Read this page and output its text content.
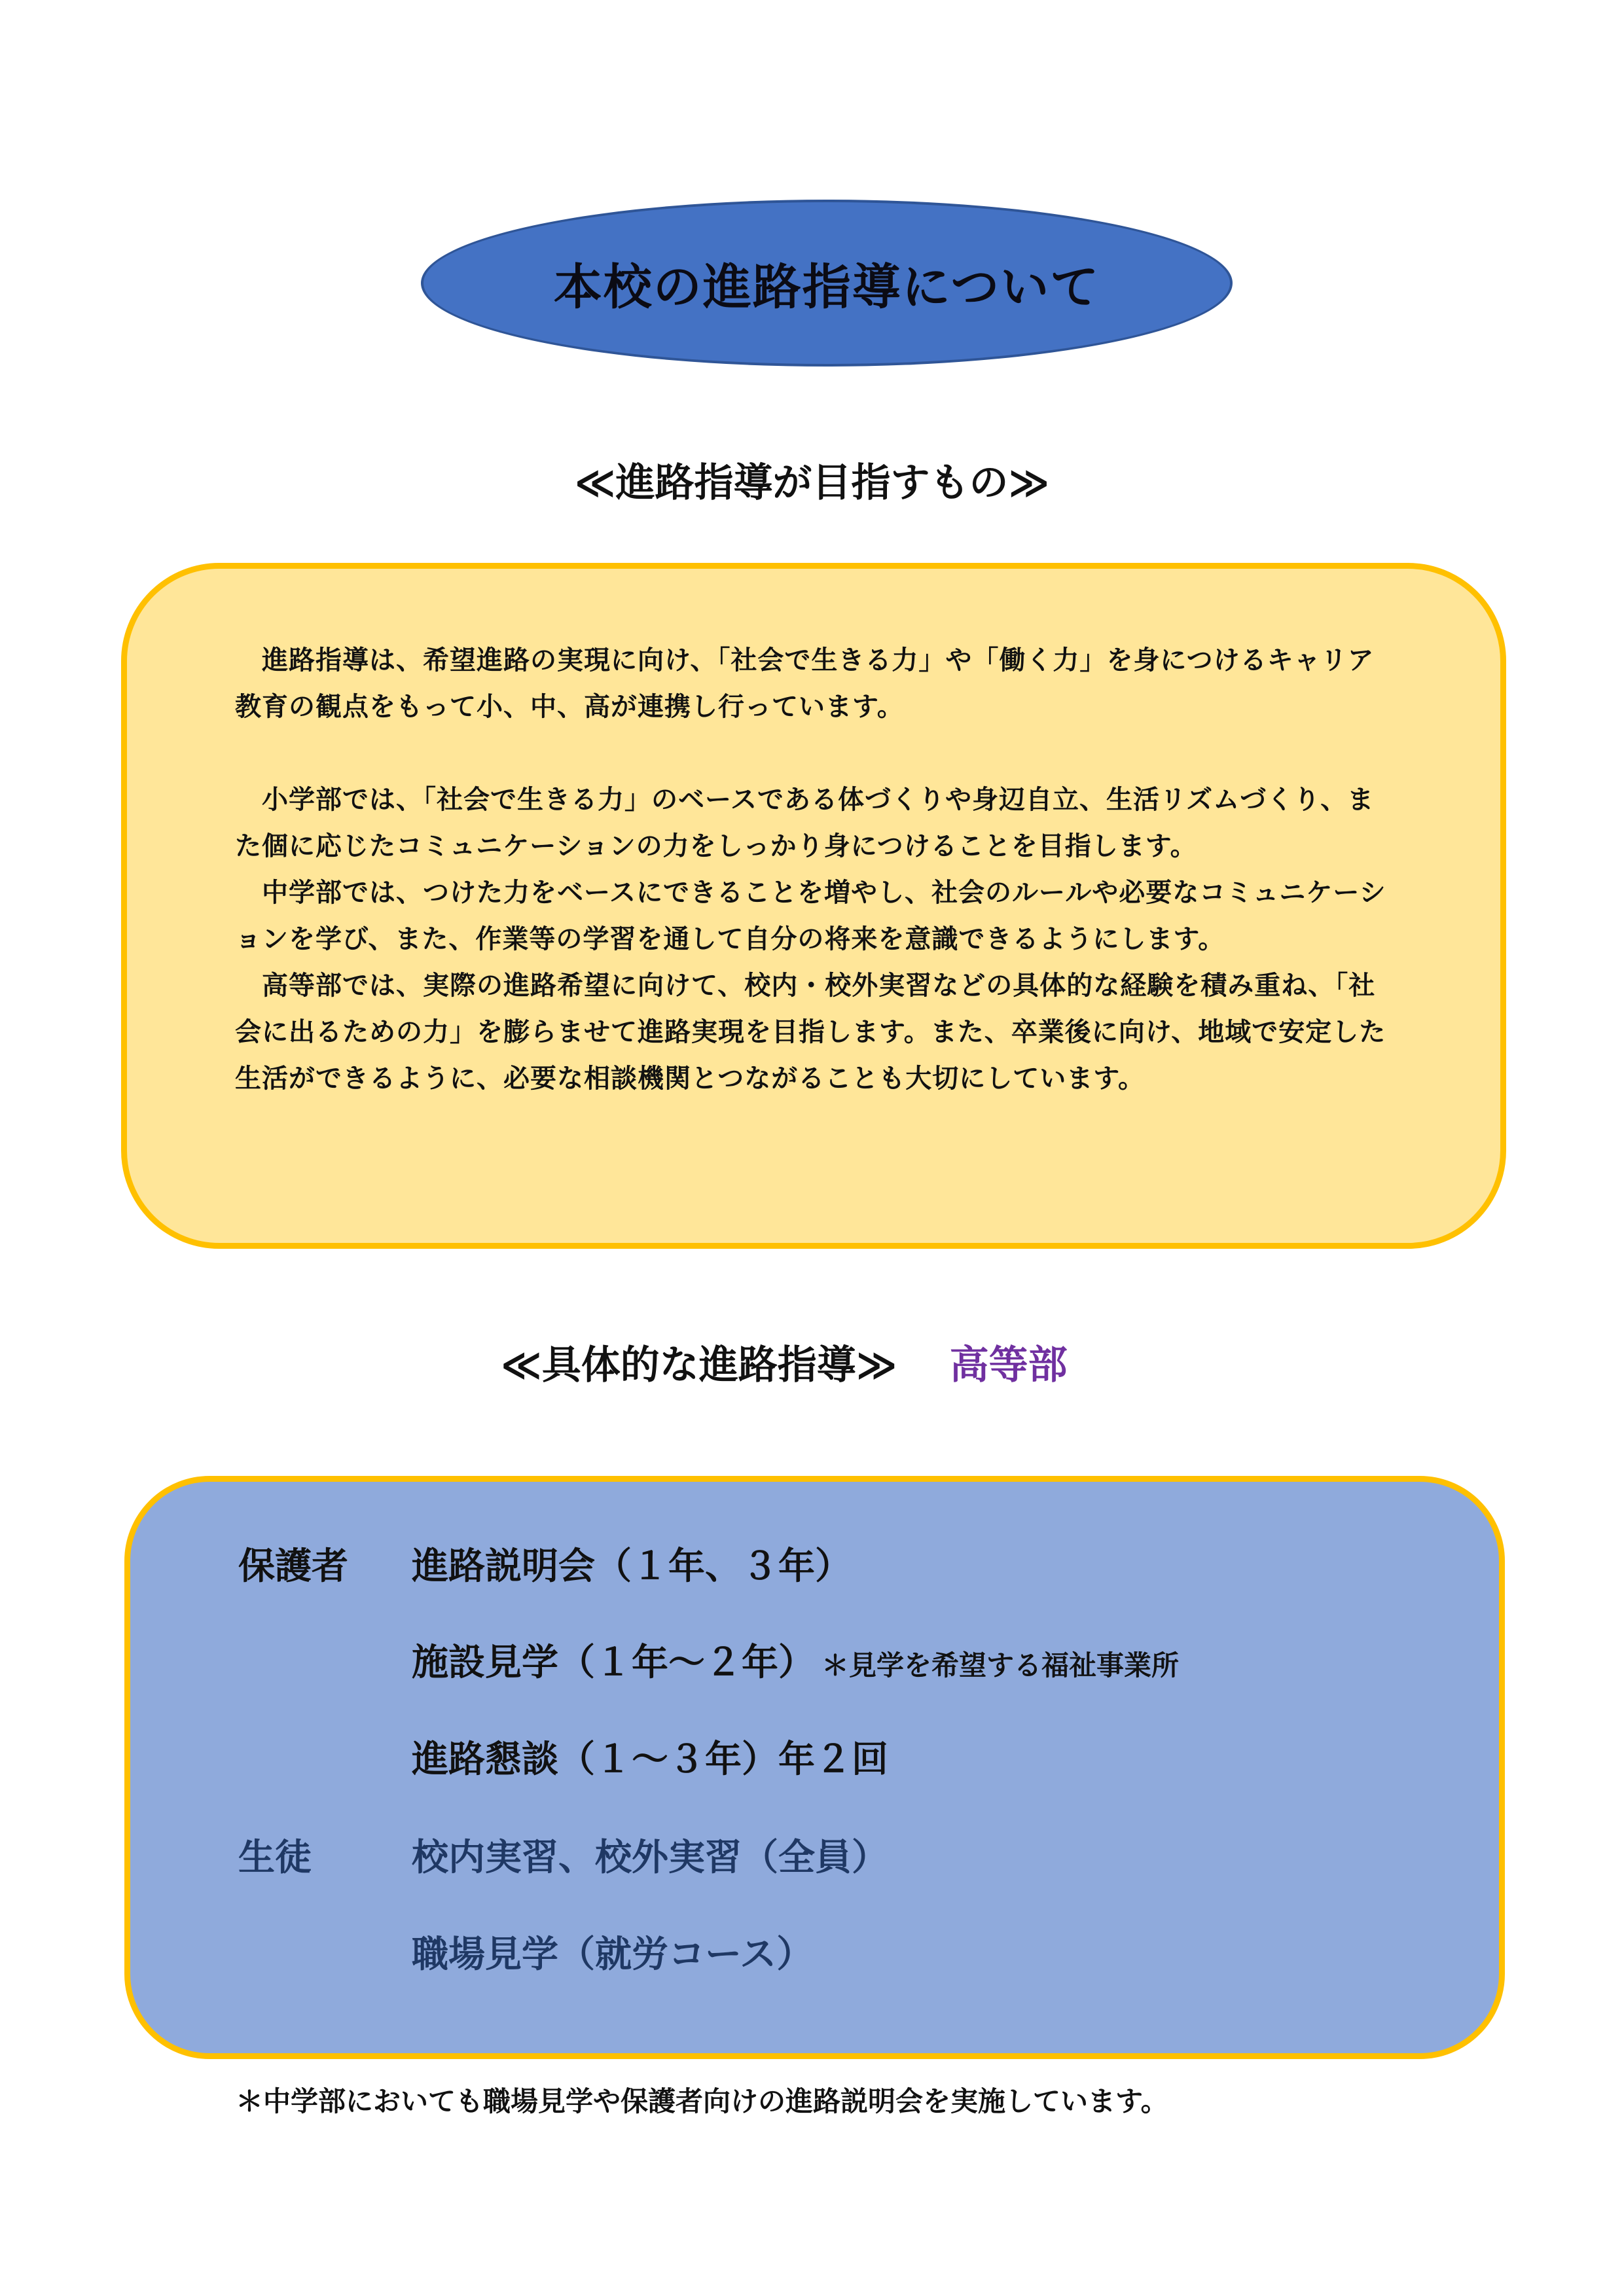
本校の進路指導について
≪進路指導が目指すもの≫

　進路指導は、希望進路の実現に向け、「社会で生きる力」や「働く力」を身につけるキャリア教育の観点をもって小、中、高が連携し行っています。

　小学部では、「社会で生きる力」のベースである体づくりや身辺自立、生活リズムづくり、また個に応じたコミュニケーションの力をしっかり身につけることを目指します。

　中学部では、つけた力をベースにできることを増やし、社会のルールや必要なコミュニケーションを学び、また、作業等の学習を通して自分の将来を意識できるようにします。

　高等部では、実際の進路希望に向けて、校内・校外実習などの具体的な経験を積み重ね、「社会に出るための力」を膨らませて進路実現を目指します。また、卒業後に向け、地域で安定した生活ができるように、必要な相談機関とつながることも大切にしています。

≪具体的な進路指導≫ 高等部
保護者 進路説明会（１年、３年）
施設見学（１年～２年） ＊見学を希望する福祉事業所
進路懇談（１～３年）年２回
生徒	校内実習、校外実習（全員）
職場見学（就労コース）
＊中学部においても職場見学や保護者向けの進路説明会を実施しています。
